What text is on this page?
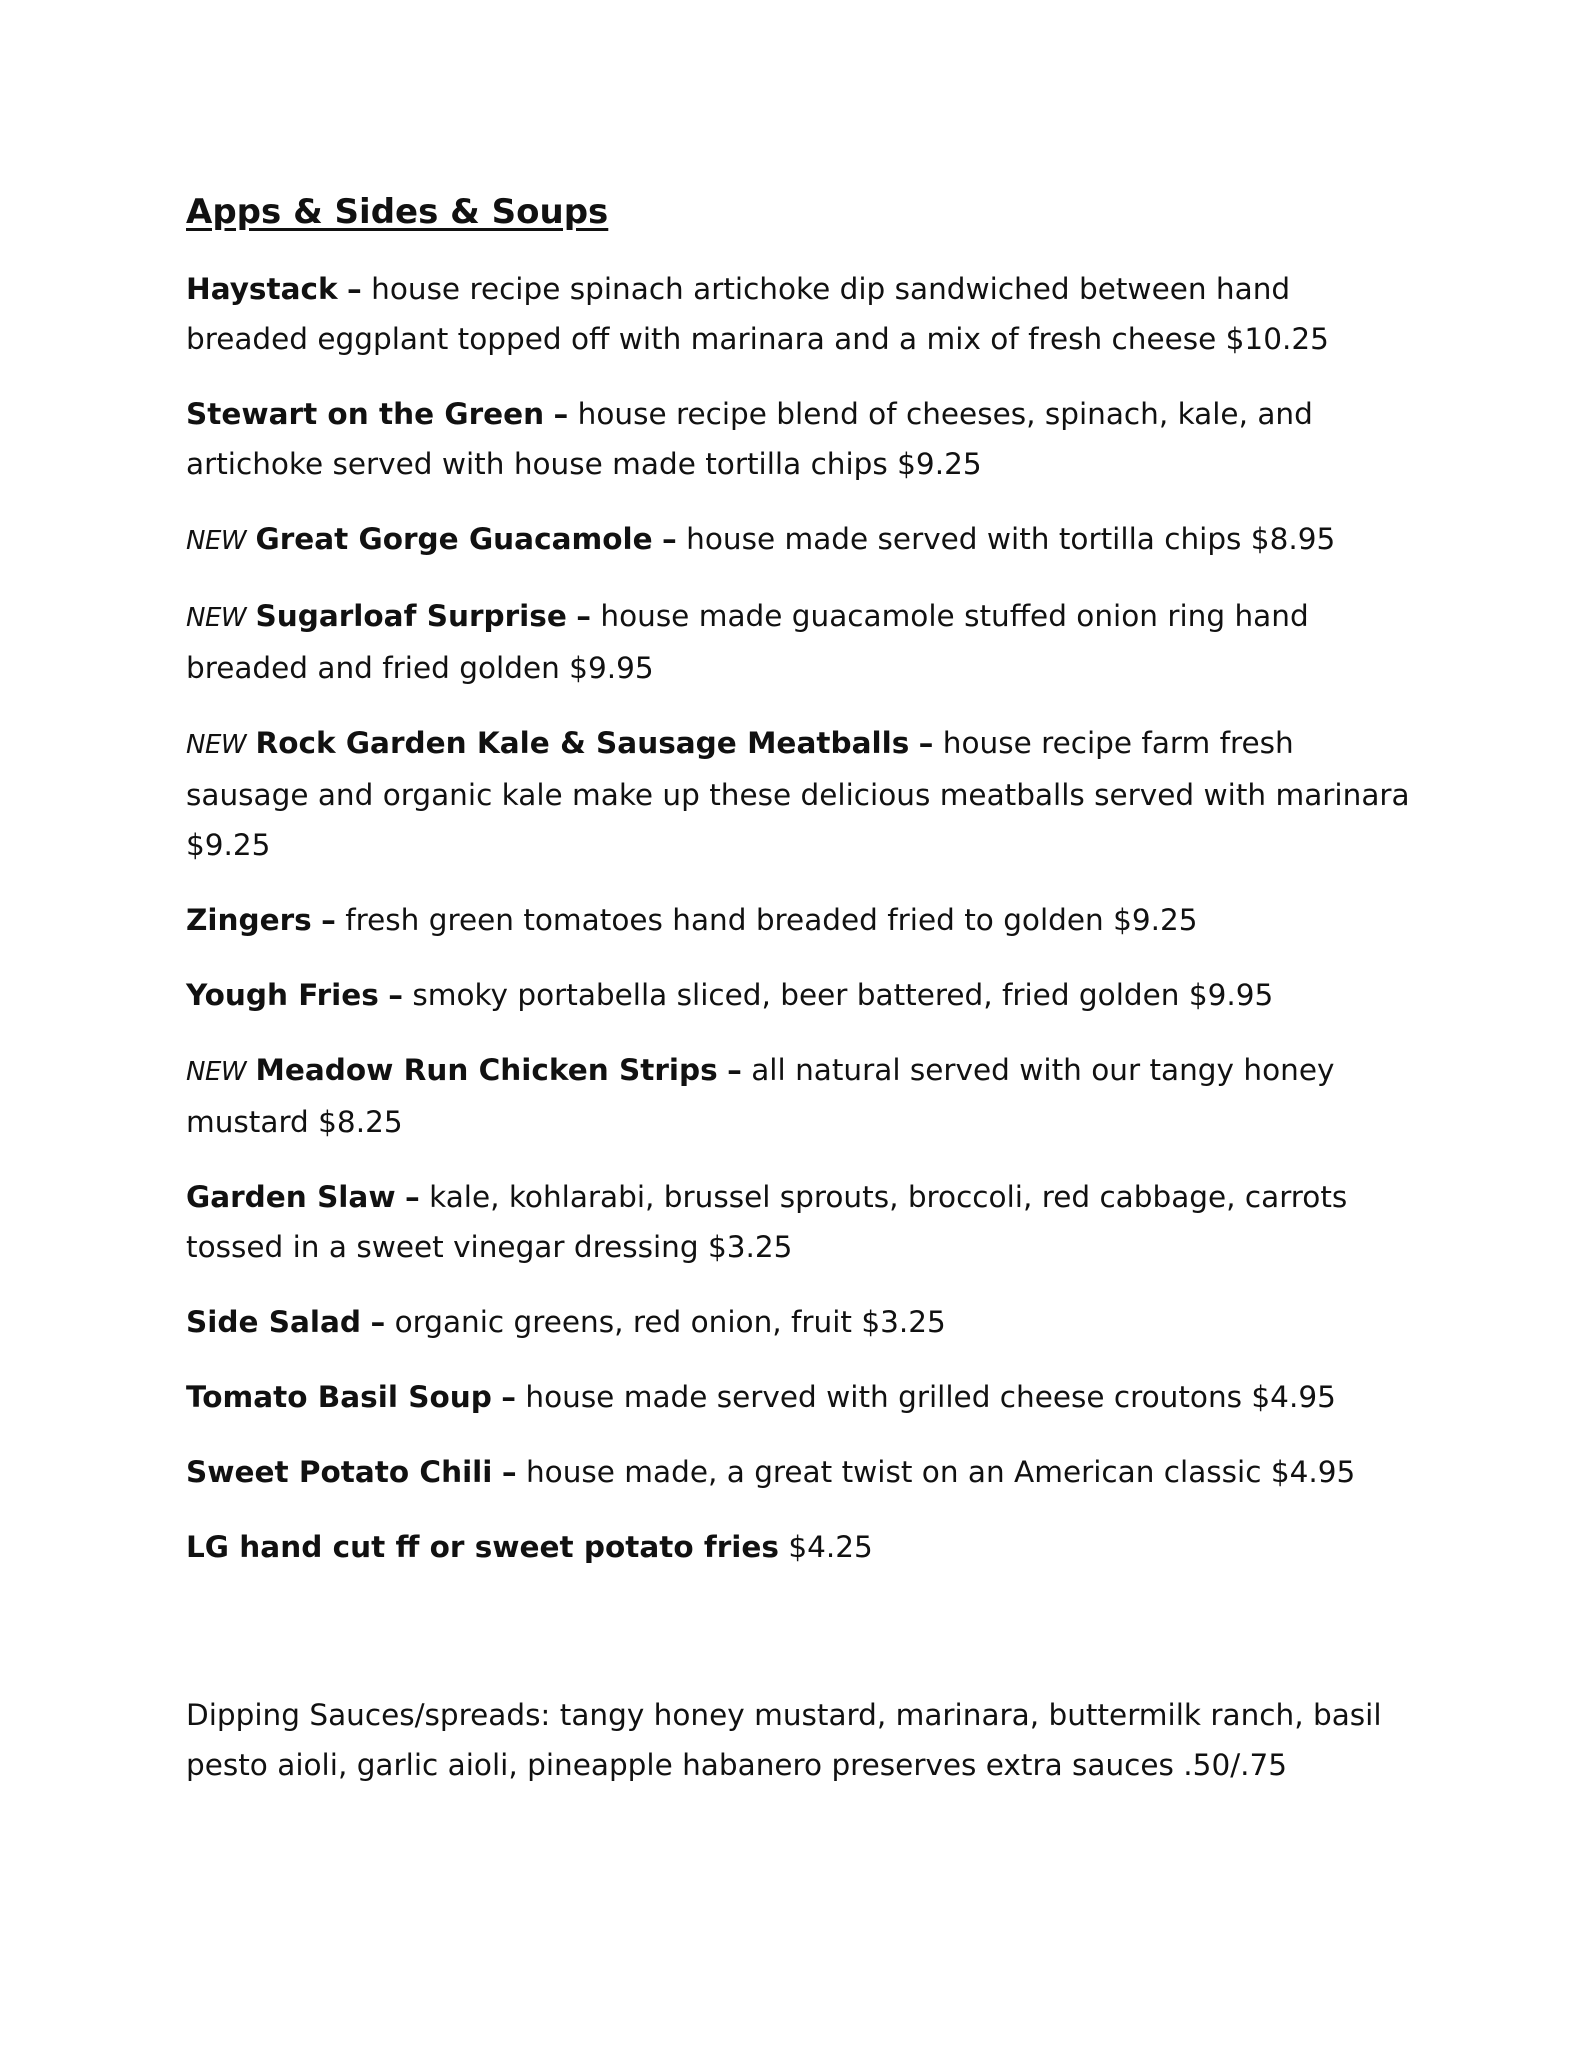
Apps & Sides & Soups
Haystack – house recipe spinach artichoke dip sandwiched between hand breaded eggplant topped off with marinara and a mix of fresh cheese $10.25
Stewart on the Green – house recipe blend of cheeses, spinach, kale, and artichoke served with house made tortilla chips $9.25
NEW Great Gorge Guacamole – house made served with tortilla chips $8.95
NEW Sugarloaf Surprise – house made guacamole stuffed onion ring hand breaded and fried golden $9.95
NEW Rock Garden Kale & Sausage Meatballs – house recipe farm fresh sausage and organic kale make up these delicious meatballs served with marinara $9.25
Zingers – fresh green tomatoes hand breaded fried to golden $9.25
Yough Fries – smoky portabella sliced, beer battered, fried golden $9.95
NEW Meadow Run Chicken Strips – all natural served with our tangy honey mustard $8.25
Garden Slaw – kale, kohlarabi, brussel sprouts, broccoli, red cabbage, carrots tossed in a sweet vinegar dressing $3.25
Side Salad – organic greens, red onion, fruit $3.25
Tomato Basil Soup – house made served with grilled cheese croutons $4.95
Sweet Potato Chili – house made, a great twist on an American classic $4.95
LG hand cut ff or sweet potato fries $4.25
Dipping Sauces/spreads: tangy honey mustard, marinara, buttermilk ranch, basil pesto aioli, garlic aioli, pineapple habanero preserves extra sauces .50/.75
